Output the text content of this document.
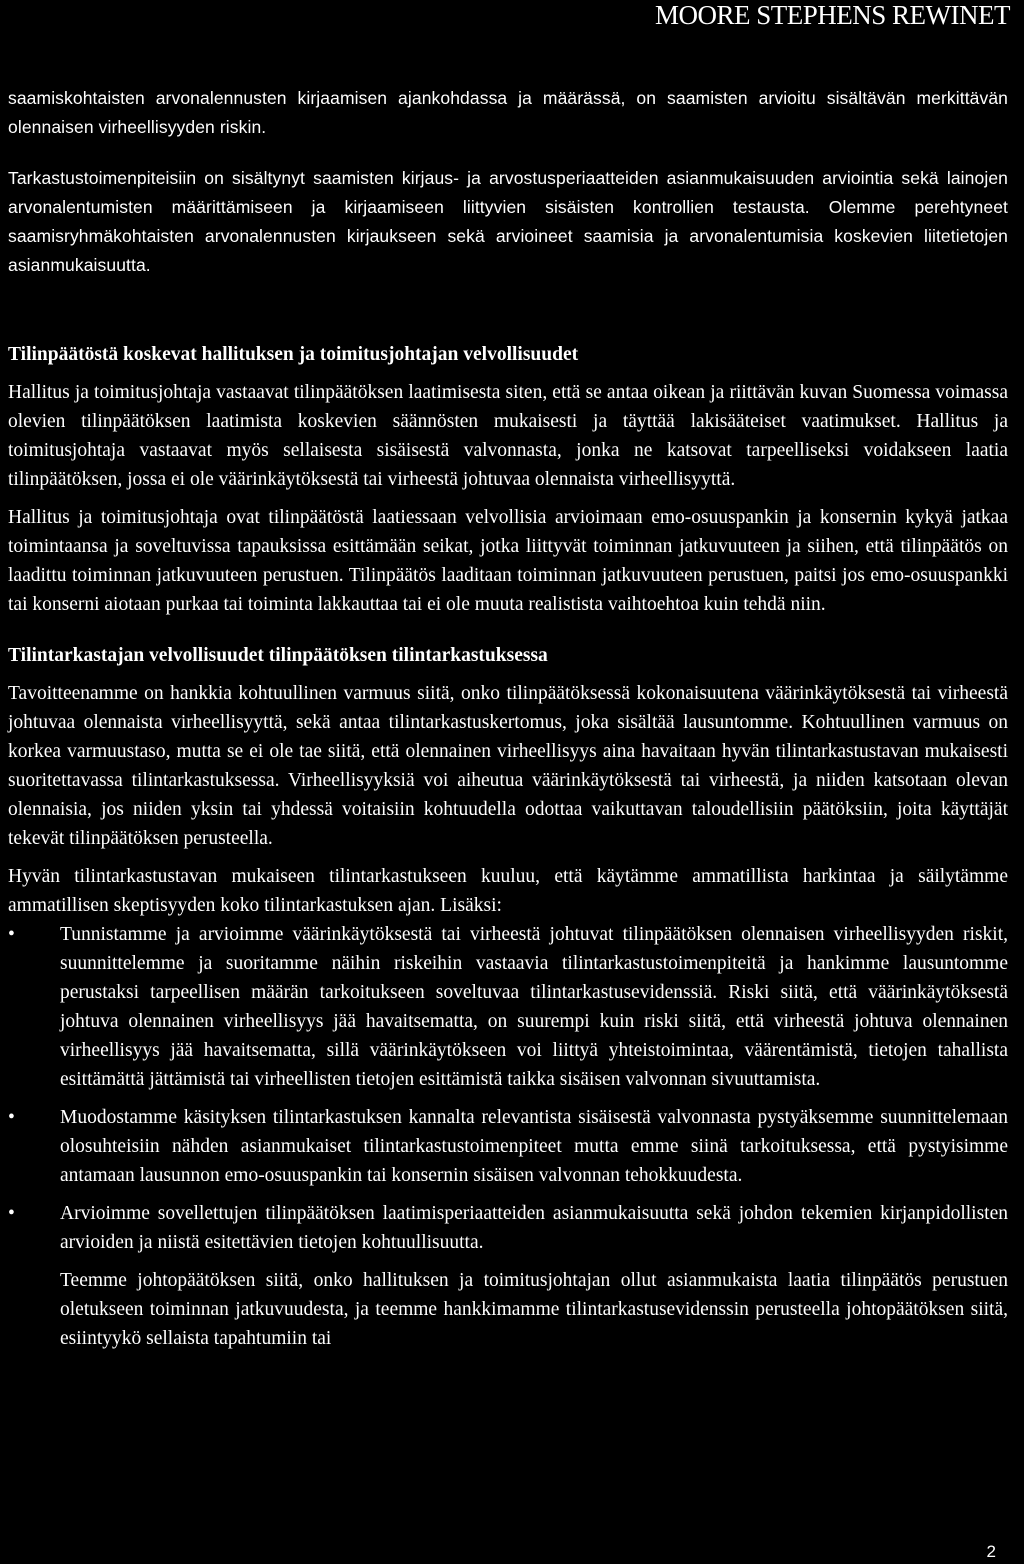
MOORE STEPHENS REWINET

saamiskohtaisten arvonalennusten kirjaamisen ajankohdassa ja määrässä, on saamisten arvioitu sisältävän merkittävän olennaisen virheellisyyden riskin.

Tarkastustoimenpiteisiin on sisältynyt saamisten kirjaus- ja arvostusperiaatteiden asianmukaisuuden arviointia sekä lainojen arvonalentumisten määrittämiseen ja kirjaamiseen liittyvien sisäisten kontrollien testausta. Olemme perehtyneet saamisryhmäkohtaisten arvonalennusten kirjaukseen sekä arvioineet saamisia ja arvonalentumisia koskevien liitetietojen asianmukaisuutta.

Tilinpäätöstä koskevat hallituksen ja toimitusjohtajan velvollisuudet

Hallitus ja toimitusjohtaja vastaavat tilinpäätöksen laatimisesta siten, että se antaa oikean ja riittävän kuvan Suomessa voimassa olevien tilinpäätöksen laatimista koskevien säännösten mukaisesti ja täyttää lakisääteiset vaatimukset. Hallitus ja toimitusjohtaja vastaavat myös sellaisesta sisäisestä valvonnasta, jonka ne katsovat tarpeelliseksi voidakseen laatia tilinpäätöksen, jossa ei ole väärinkäytöksestä tai virheestä johtuvaa olennaista virheellisyyttä.

Hallitus ja toimitusjohtaja ovat tilinpäätöstä laatiessaan velvollisia arvioimaan emo-osuuspankin ja konsernin kykyä jatkaa toimintaansa ja soveltuvissa tapauksissa esittämään seikat, jotka liittyvät toiminnan jatkuvuuteen ja siihen, että tilinpäätös on laadittu toiminnan jatkuvuuteen perustuen. Tilinpäätös laaditaan toiminnan jatkuvuuteen perustuen, paitsi jos emo-osuuspankki tai konserni aiotaan purkaa tai toiminta lakkauttaa tai ei ole muuta realistista vaihtoehtoa kuin tehdä niin.

Tilintarkastajan velvollisuudet tilinpäätöksen tilintarkastuksessa

Tavoitteenamme on hankkia kohtuullinen varmuus siitä, onko tilinpäätöksessä kokonaisuutena väärinkäytöksestä tai virheestä johtuvaa olennaista virheellisyyttä, sekä antaa tilintarkastuskertomus, joka sisältää lausuntomme. Kohtuullinen varmuus on korkea varmuustaso, mutta se ei ole tae siitä, että olennainen virheellisyys aina havaitaan hyvän tilintarkastustavan mukaisesti suoritettavassa tilintarkastuksessa. Virheellisyyksiä voi aiheutua väärinkäytöksestä tai virheestä, ja niiden katsotaan olevan olennaisia, jos niiden yksin tai yhdessä voitaisiin kohtuudella odottaa vaikuttavan taloudellisiin päätöksiin, joita käyttäjät tekevät tilinpäätöksen perusteella.

Hyvän tilintarkastustavan mukaiseen tilintarkastukseen kuuluu, että käytämme ammatillista harkintaa ja säilytämme ammatillisen skeptisyyden koko tilintarkastuksen ajan. Lisäksi:

• Tunnistamme ja arvioimme väärinkäytöksestä tai virheestä johtuvat tilinpäätöksen olennaisen virheellisyyden riskit, suunnittelemme ja suoritamme näihin riskeihin vastaavia tilintarkastustoimenpiteitä ja hankimme lausuntomme perustaksi tarpeellisen määrän tarkoitukseen soveltuvaa tilintarkastusevidenssiä. Riski siitä, että väärinkäytöksestä johtuva olennainen virheellisyys jää havaitsematta, on suurempi kuin riski siitä, että virheestä johtuva olennainen virheellisyys jää havaitsematta, sillä väärinkäytökseen voi liittyä yhteistoimintaa, väärentämistä, tietojen tahallista esittämättä jättämistä tai virheellisten tietojen esittämistä taikka sisäisen valvonnan sivuuttamista.
• Muodostamme käsityksen tilintarkastuksen kannalta relevantista sisäisestä valvonnasta pystyäksemme suunnittelemaan olosuhteisiin nähden asianmukaiset tilintarkastustoimenpiteet mutta emme siinä tarkoituksessa, että pystyisimme antamaan lausunnon emo-osuuspankin tai konsernin sisäisen valvonnan tehokkuudesta.
• Arvioimme sovellettujen tilinpäätöksen laatimisperiaatteiden asianmukaisuutta sekä johdon tekemien kirjanpidollisten arvioiden ja niistä esitettävien tietojen kohtuullisuutta.

Teemme johtopäätöksen siitä, onko hallituksen ja toimitusjohtajan ollut asianmukaista laatia tilinpäätös perustuen oletukseen toiminnan jatkuvuudesta, ja teemme hankkimamme tilintarkastusevidenssin perusteella johtopäätöksen siitä, esiintyykö sellaista tapahtumiin tai

2
